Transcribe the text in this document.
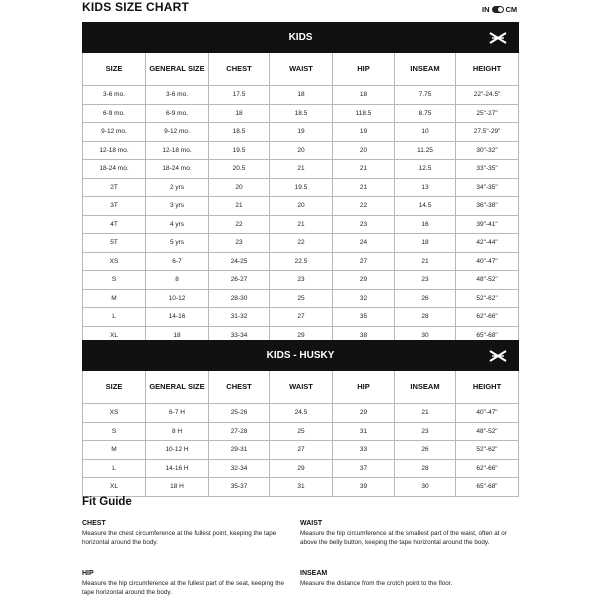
KIDS SIZE CHART	IN CM
KIDS						

SIZE	GENERAL SIZE	CHEST	WAIST	HIP	INSEAM	HEIGHT
3-6 mo.	3-6 mo.	17.5	18	18	7.75	22"-24.5"
6-9 mo.	6-9 mo.	18	18.5	118.5	8.75	25"-27"
9-12 mo.	9-12 mo.	18.5	19	19	10	27.5"-29"
12-18 mo.	12-18 mo.	19.5	20	20	11.25	30"-32"
18-24 mo.	18-24 mo.	20.5	21	21	12.5	33"-35"
2T	2 yrs	20	19.5	21	13	34"-35"
3T	3 yrs	21	20	22	14.5	36"-38"
4T	4 yrs	22	21	23	16	39"-41"
5T	5 yrs	23	22	24	18	42"-44"
XS	6-7	24-25	22.5	27	21	40"-47"
S	8	26-27	23	29	23	48"-52"
M	10-12	28-30	25	32	26	52"-62"
L	14-16	31-32	27	35	28	62"-66"
XL	18	33-34	29	38	30	65"-68"
KIDS - HUSKY						

SIZE	GENERAL SIZE	CHEST	WAIST	HIP	INSEAM	HEIGHT
XS	6-7 H	25-26	24.5	29	21	40"-47"
S	8 H	27-28	25	31	23	48"-52"
M	10-12 H	29-31	27	33	26	52"-62"
L	14-16 H	32-34	29	37	28	62"-66"
XL	18 H	35-37	31	39	30	65"-68"
Fit Guide
CHEST
Measure the chest circumference at the fullest point, keeping the tape horizontal around the body.
WAIST
Measure the hip circumference at the smallest part of the waist, often at or above the belly button, keeping the tape horizontal around the body.
HIP
Measure the hip circumference at the fullest part of the seat, keeping the tape horizontal around the body.
INSEAM
Measure the distance from the crotch point to the floor.
